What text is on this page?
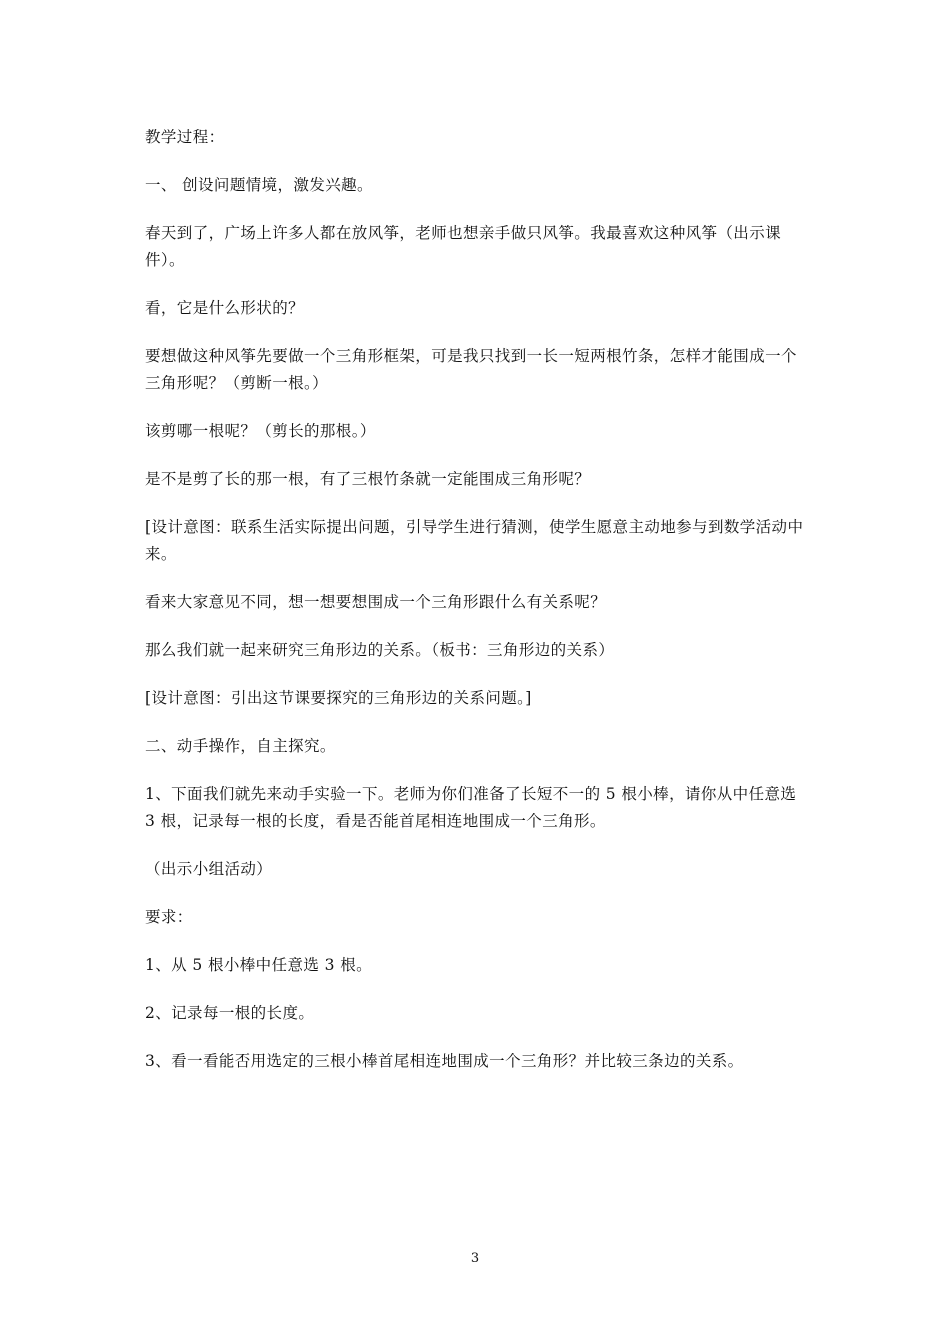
教学过程：

一、 创设问题情境，激发兴趣。

春天到了，广场上许多人都在放风筝，老师也想亲手做只风筝。我最喜欢这种风筝（出示课件）。

看，它是什么形状的？

要想做这种风筝先要做一个三角形框架，可是我只找到一长一短两根竹条，怎样才能围成一个三角形呢？（剪断一根。）

该剪哪一根呢？（剪长的那根。）

是不是剪了长的那一根，有了三根竹条就一定能围成三角形呢？

[设计意图：联系生活实际提出问题，引导学生进行猜测，使学生愿意主动地参与到数学活动中来。

看来大家意见不同，想一想要想围成一个三角形跟什么有关系呢？

那么我们就一起来研究三角形边的关系。（板书：三角形边的关系）

[设计意图：引出这节课要探究的三角形边的关系问题。]

二、动手操作，自主探究。

1、下面我们就先来动手实验一下。老师为你们准备了长短不一的 5 根小棒，请你从中任意选 3 根，记录每一根的长度，看是否能首尾相连地围成一个三角形。

（出示小组活动）

要求：

1、从 5 根小棒中任意选 3 根。

2、记录每一根的长度。

3、看一看能否用选定的三根小棒首尾相连地围成一个三角形？并比较三条边的关系。

3
